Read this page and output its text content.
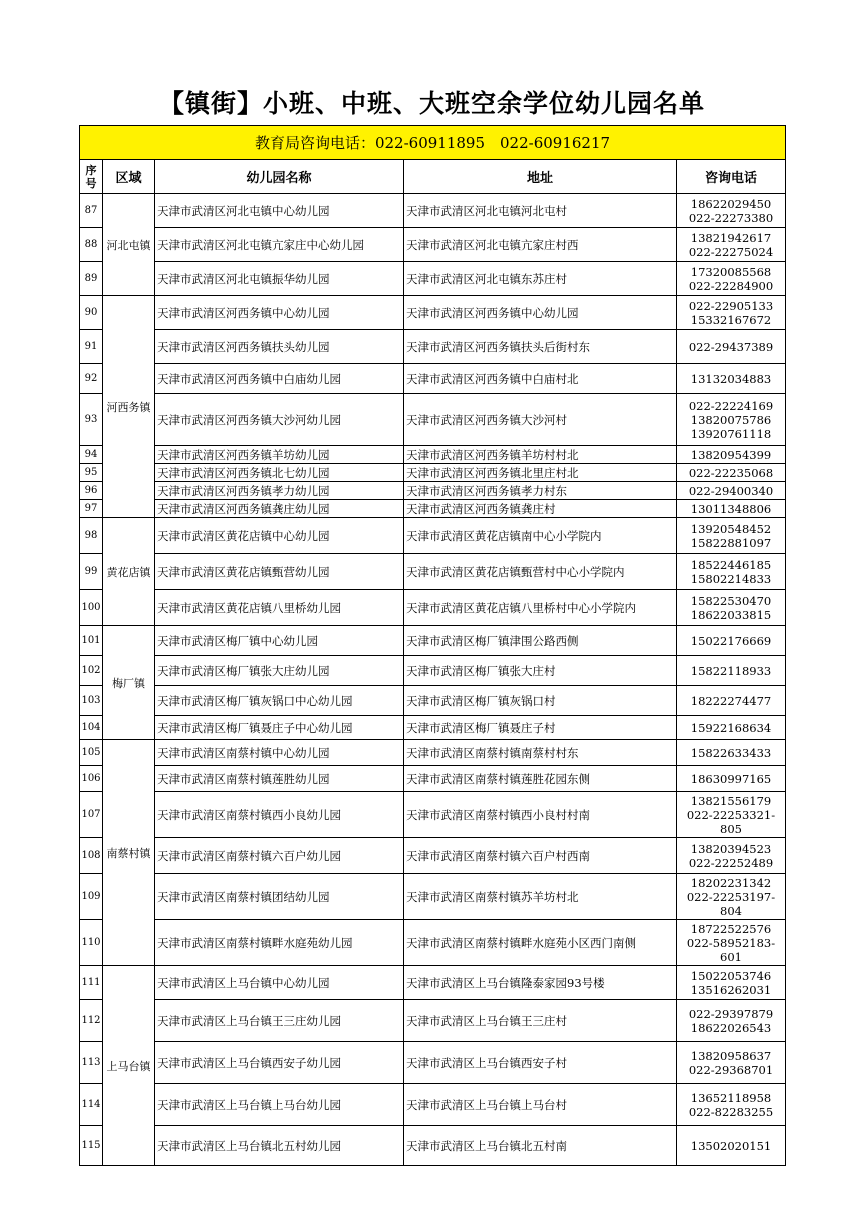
【镇街】小班、中班、大班空余学位幼儿园名单
教育局咨询电话：022-60911895　022-60916217				

序
号	区域	幼儿园名称	地址	咨询电话
87	河北屯镇	天津市武清区河北屯镇中心幼儿园	天津市武清区河北屯镇河北屯村	18622029450
022-22273380

88		天津市武清区河北屯镇亢家庄中心幼儿园	天津市武清区河北屯镇亢家庄村西	13821942617
022-22275024

89		天津市武清区河北屯镇振华幼儿园	天津市武清区河北屯镇东苏庄村	17320085568
022-22284900

90	河西务镇	天津市武清区河西务镇中心幼儿园	天津市武清区河西务镇中心幼儿园	022-22905133
15332167672

91		天津市武清区河西务镇扶头幼儿园	天津市武清区河西务镇扶头后街村东	022-29437389

92		天津市武清区河西务镇中白庙幼儿园	天津市武清区河西务镇中白庙村北	13132034883

93		天津市武清区河西务镇大沙河幼儿园	天津市武清区河西务镇大沙河村	022-22224169
13820075786
13920761118

94		天津市武清区河西务镇羊坊幼儿园	天津市武清区河西务镇羊坊村村北	13820954399

95		天津市武清区河西务镇北七幼儿园	天津市武清区河西务镇北里庄村北	022-22235068

96		天津市武清区河西务镇孝力幼儿园	天津市武清区河西务镇孝力村东	022-29400340

97		天津市武清区河西务镇龚庄幼儿园	天津市武清区河西务镇龚庄村	13011348806

98	黄花店镇	天津市武清区黄花店镇中心幼儿园	天津市武清区黄花店镇南中心小学院内	13920548452
15822881097

99		天津市武清区黄花店镇甄营幼儿园	天津市武清区黄花店镇甄营村中心小学院内	18522446185
15802214833

100		天津市武清区黄花店镇八里桥幼儿园	天津市武清区黄花店镇八里桥村中心小学院内	15822530470
18622033815

101	梅厂镇	天津市武清区梅厂镇中心幼儿园	天津市武清区梅厂镇津围公路西侧	15022176669

102		天津市武清区梅厂镇张大庄幼儿园	天津市武清区梅厂镇张大庄村	15822118933

103		天津市武清区梅厂镇灰锅口中心幼儿园	天津市武清区梅厂镇灰锅口村	18222274477

104		天津市武清区梅厂镇聂庄子中心幼儿园	天津市武清区梅厂镇聂庄子村	15922168634

105	南蔡村镇	天津市武清区南蔡村镇中心幼儿园	天津市武清区南蔡村镇南蔡村村东	15822633433

106		天津市武清区南蔡村镇莲胜幼儿园	天津市武清区南蔡村镇莲胜花园东侧	18630997165

107		天津市武清区南蔡村镇西小良幼儿园	天津市武清区南蔡村镇西小良村村南	13821556179
022-22253321-805

108		天津市武清区南蔡村镇六百户幼儿园	天津市武清区南蔡村镇六百户村西南	13820394523
022-22252489

109		天津市武清区南蔡村镇团结幼儿园	天津市武清区南蔡村镇苏羊坊村北	18202231342
022-22253197-804

110		天津市武清区南蔡村镇畔水庭苑幼儿园	天津市武清区南蔡村镇畔水庭苑小区西门南侧	18722522576
022-58952183-601

111	上马台镇	天津市武清区上马台镇中心幼儿园	天津市武清区上马台镇隆泰家园93号楼	15022053746
13516262031

112		天津市武清区上马台镇王三庄幼儿园	天津市武清区上马台镇王三庄村	022-29397879
18622026543

113		天津市武清区上马台镇西安子幼儿园	天津市武清区上马台镇西安子村	13820958637
022-29368701

114		天津市武清区上马台镇上马台幼儿园	天津市武清区上马台镇上马台村	13652118958
022-82283255

115		天津市武清区上马台镇北五村幼儿园	天津市武清区上马台镇北五村南	13502020151
